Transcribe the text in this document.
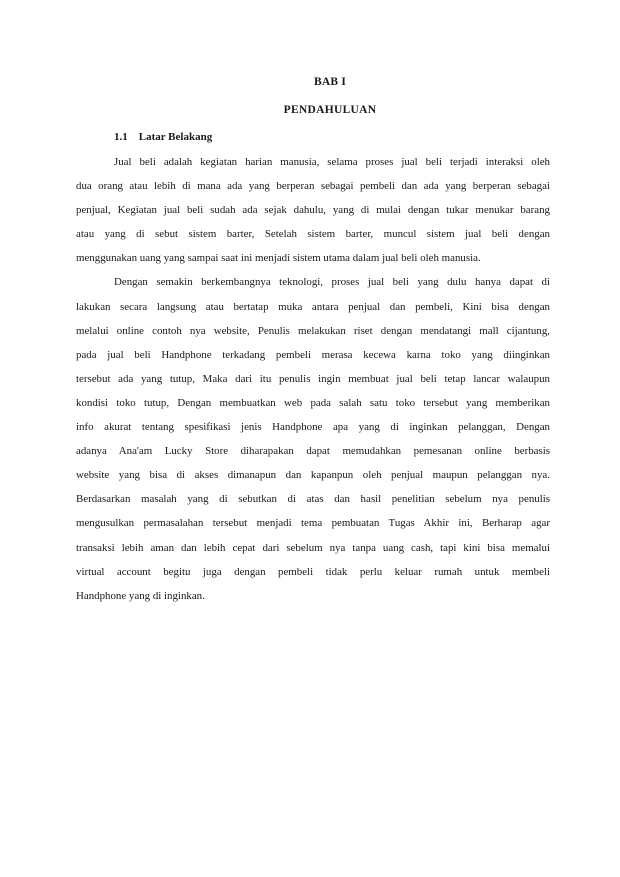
BAB I
PENDAHULUAN
1.1 Latar Belakang
Jual beli adalah kegiatan harian manusia, selama proses jual beli terjadi interaksi oleh
dua orang atau lebih di mana ada yang berperan sebagai pembeli dan ada yang berperan sebagai
penjual, Kegiatan jual beli sudah ada sejak dahulu, yang di mulai dengan tukar menukar barang
atau yang di sebut sistem barter, Setelah sistem barter, muncul sistem jual beli dengan
menggunakan uang yang sampai saat ini menjadi sistem utama dalam jual beli oleh manusia.
Dengan semakin berkembangnya teknologi, proses jual beli yang dulu hanya dapat di
lakukan secara langsung atau bertatap muka antara penjual dan pembeli, Kini bisa dengan
melalui online contoh nya website, Penulis melakukan riset dengan mendatangi mall cijantung,
pada jual beli Handphone terkadang pembeli merasa kecewa karna toko yang diinginkan
tersebut ada yang tutup, Maka dari itu penulis ingin membuat jual beli tetap lancar walaupun
kondisi toko tutup, Dengan membuatkan web pada salah satu toko tersebut yang memberikan
info akurat tentang spesifikasi jenis Handphone apa yang di inginkan pelanggan, Dengan
adanya Ana'am Lucky Store diharapakan dapat memudahkan pemesanan online berbasis
website yang bisa di akses dimanapun dan kapanpun oleh penjual maupun pelanggan nya.
Berdasarkan masalah yang di sebutkan di atas dan hasil penelitian sebelum nya penulis
mengusulkan permasalahan tersebut menjadi tema pembuatan Tugas Akhir ini, Berharap agar
transaksi lebih aman dan lebih cepat dari sebelum nya tanpa uang cash, tapi kini bisa memalui
virtual account begitu juga dengan pembeli tidak perlu keluar rumah untuk membeli
Handphone yang di inginkan.
